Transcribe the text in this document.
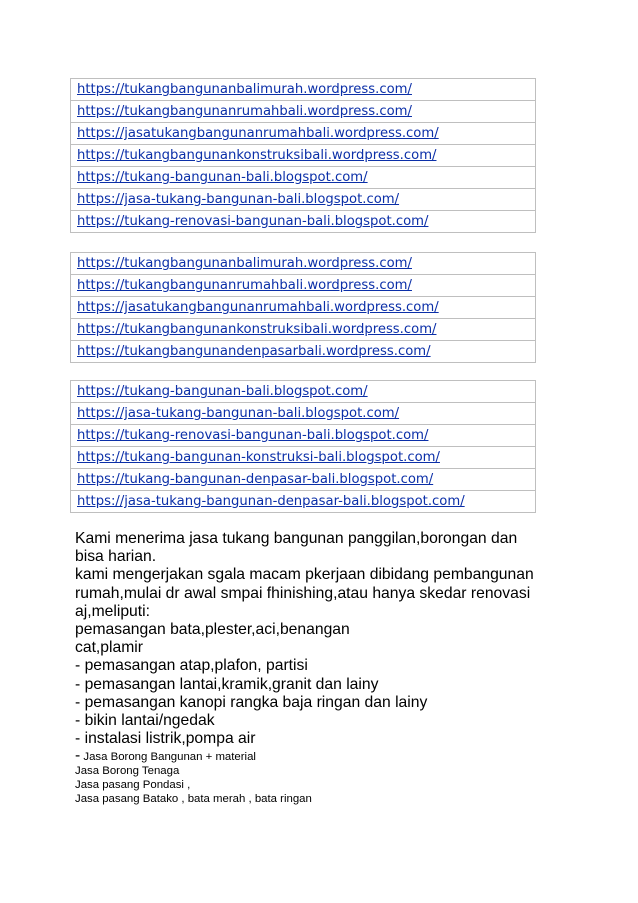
https://tukangbangunanbalimurah.wordpress.com/
https://tukangbangunanrumahbali.wordpress.com/
https://jasatukangbangunanrumahbali.wordpress.com/
https://tukangbangunankonstruksibali.wordpress.com/
https://tukang-bangunan-bali.blogspot.com/
https://jasa-tukang-bangunan-bali.blogspot.com/
https://tukang-renovasi-bangunan-bali.blogspot.com/
https://tukangbangunanbalimurah.wordpress.com/
https://tukangbangunanrumahbali.wordpress.com/
https://jasatukangbangunanrumahbali.wordpress.com/
https://tukangbangunankonstruksibali.wordpress.com/
https://tukangbangunandenpasarbali.wordpress.com/
https://tukang-bangunan-bali.blogspot.com/
https://jasa-tukang-bangunan-bali.blogspot.com/
https://tukang-renovasi-bangunan-bali.blogspot.com/
https://tukang-bangunan-konstruksi-bali.blogspot.com/
https://tukang-bangunan-denpasar-bali.blogspot.com/
https://jasa-tukang-bangunan-denpasar-bali.blogspot.com/

Kami menerima jasa tukang bangunan panggilan,borongan dan

bisa harian.

kami mengerjakan sgala macam pkerjaan dibidang pembangunan

rumah,mulai dr awal smpai fhinishing,atau hanya skedar renovasi

aj,meliputi:

pemasangan bata,plester,aci,benangan

cat,plamir

- pemasangan atap,plafon, partisi

- pemasangan lantai,kramik,granit dan lainy

- pemasangan kanopi rangka baja ringan dan lainy

- bikin lantai/ngedak

- instalasi listrik,pompa air

- Jasa Borong Bangunan + material

Jasa Borong Tenaga

Jasa pasang Pondasi ,

Jasa pasang Batako , bata merah , bata ringan
